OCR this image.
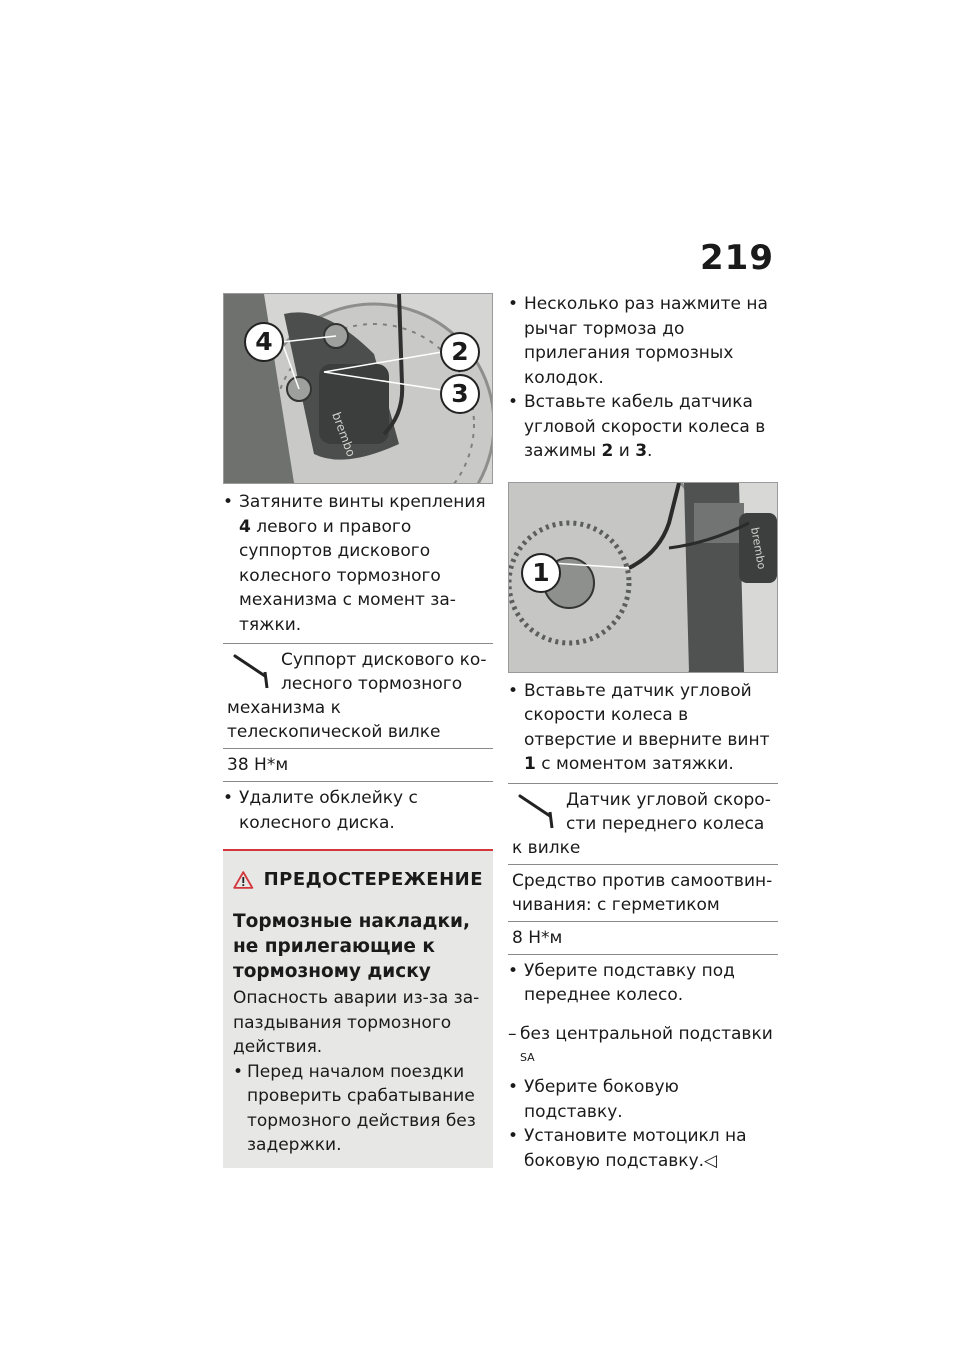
219
brembo
4	2
3

• Затяните винты крепления 4 левого и правого суппортов дискового колесного тормозного механизма с момент затяжки.

Суппорт дискового колесного тормозного механизма к телескопической вилке
38 Н*м

• Удалите обклейку с колесного диска.

ПРЕДОСТЕРЕЖЕНИЕ
Тормозные накладки, не прилегающие к тормозному диску
Опасность аварии из-за запаздывания тормозного действия.
• Перед началом поездки проверить срабатывание тормозного действия без задержки.

• Несколько раз нажмите на рычаг тормоза до прилегания тормозных колодок.

• Вставьте кабель датчика угловой скорости колеса в зажимы 2 и 3.

brembo
1

• Вставьте датчик угловой скорости колеса в отверстие и вверните винт 1 с моментом затяжки.

Датчик угловой скорости переднего колеса к вилке
Средство против самоотвинчивания: с герметиком
8 Н*м

• Уберите подставку под переднее колесо.

– без центральной подставки $^{SA}$

• Уберите боковую подставку.

• Установите мотоцикл на боковую подставку.◁
